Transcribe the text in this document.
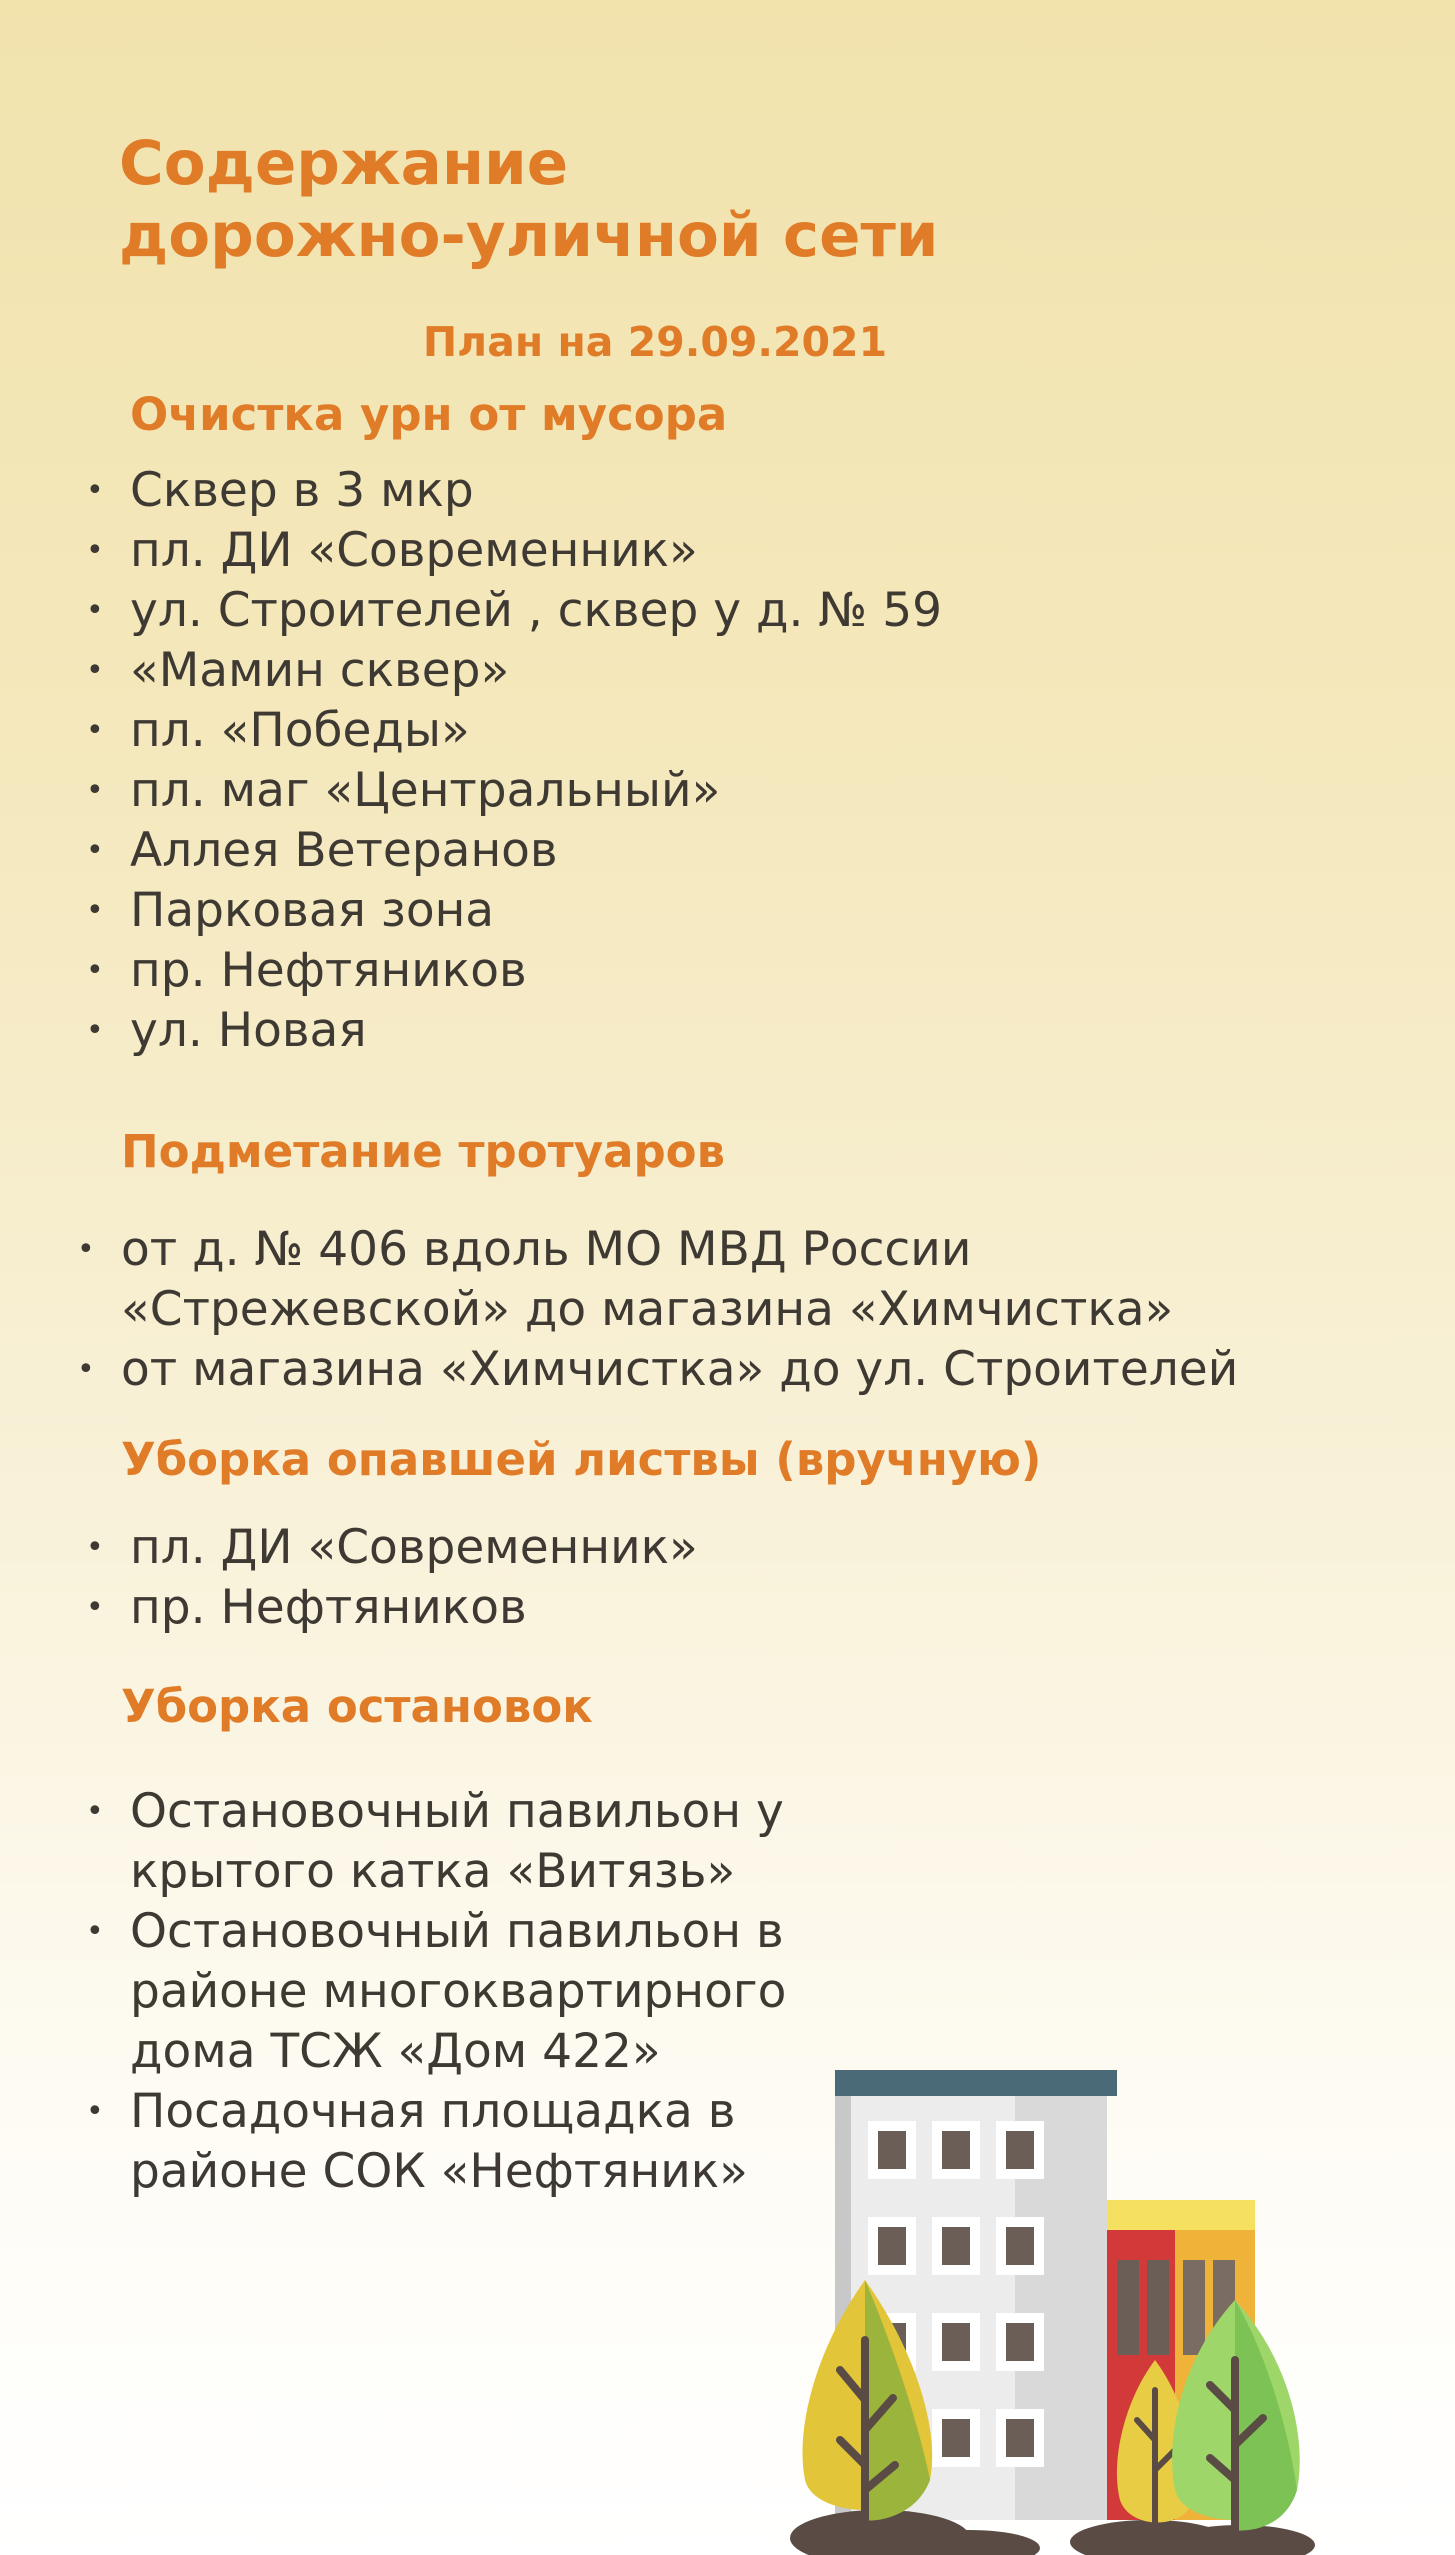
Содержание
дорожно-уличной сети
План на 29.09.2021
Очистка урн от мусора
• Сквер в 3 мкр
• пл. ДИ «Современник»
• ул. Строителей , сквер у д. № 59
• «Мамин сквер»
• пл. «Победы»
• пл. маг «Центральный»
• Аллея Ветеранов
• Парковая зона
• пр. Нефтяников
• ул. Новая
Подметание тротуаров
• от д. № 406 вдоль МО МВД России
«Стрежевской» до магазина «Химчистка»
• от магазина «Химчистка» до ул. Строителей
Уборка опавшей листвы (вручную)
• пл. ДИ «Современник»
• пр. Нефтяников
Уборка остановок
• Остановочный павильон у
крытого катка «Витязь»
• Остановочный павильон в
районе многоквартирного
дома ТСЖ «Дом 422»
• Посадочная площадка в
районе СОК «Нефтяник»
